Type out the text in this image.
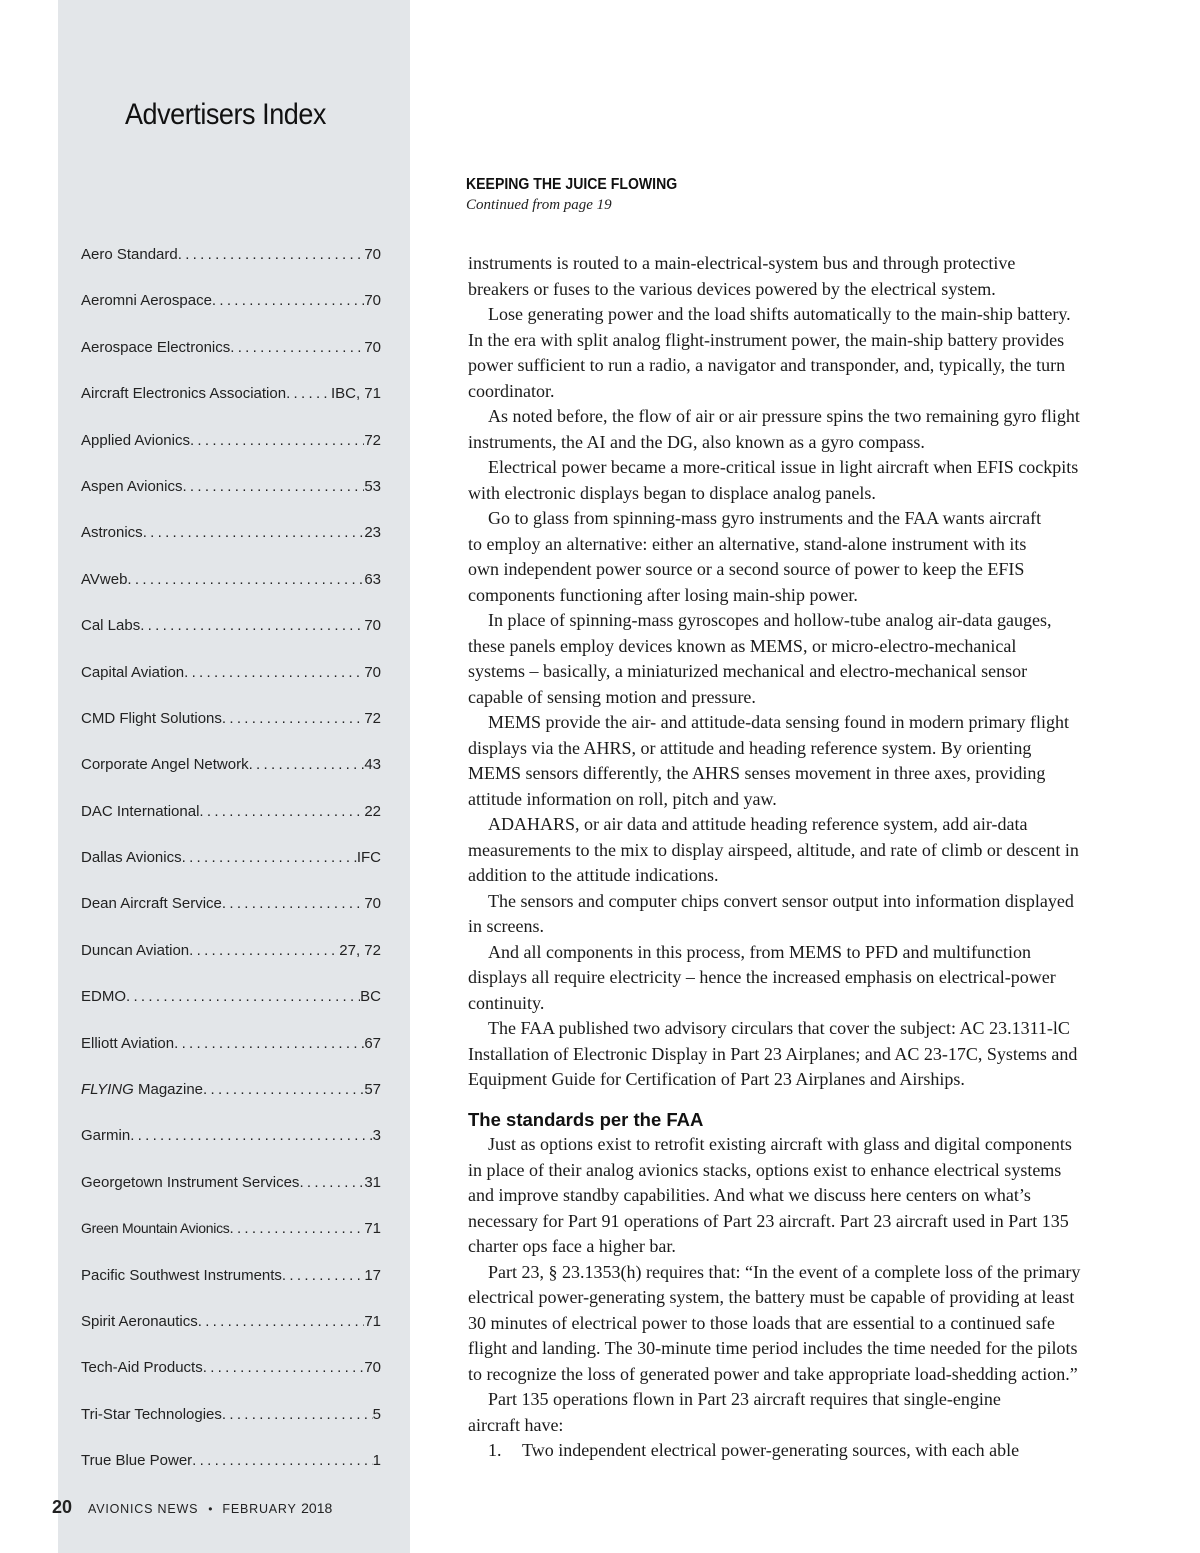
Advertisers Index
Aero Standard .....	70
Aeromni Aerospace .....	70
Aerospace Electronics .....	70
Aircraft Electronics Association .....	IBC, 71
Applied Avionics .....	72
Aspen Avionics .....	53
Astronics .....	23
AVweb .....	63
Cal Labs .....	70
Capital Aviation .....	70
CMD Flight Solutions .....	72
Corporate Angel Network .....	43
DAC International .....	22
Dallas Avionics .....	IFC
Dean Aircraft Service .....	70
Duncan Aviation .....	27, 72
EDMO .....	BC
Elliott Aviation .....	67
FLYING Magazine .....	57
Garmin .....	3
Georgetown Instrument Services .....	31
Green Mountain Avionics .....	71
Pacific Southwest Instruments .....	17
Spirit Aeronautics .....	71
Tech-Aid Products .....	70
Tri-Star Technologies .....	5
True Blue Power .....	1
20 AVIONICS NEWS • FEBRUARY 2018
KEEPING THE JUICE FLOWING
Continued from page 19
instruments is routed to a main-electrical-system bus and through protective
breakers or fuses to the various devices powered by the electrical system.
Lose generating power and the load shifts automatically to the main-ship battery.
In the era with split analog flight-instrument power, the main-ship battery provides
power sufficient to run a radio, a navigator and transponder, and, typically, the turn
coordinator.
As noted before, the flow of air or air pressure spins the two remaining gyro flight
instruments, the AI and the DG, also known as a gyro compass.
Electrical power became a more-critical issue in light aircraft when EFIS cockpits
with electronic displays began to displace analog panels.
Go to glass from spinning-mass gyro instruments and the FAA wants aircraft
to employ an alternative: either an alternative, stand-alone instrument with its
own independent power source or a second source of power to keep the EFIS
components functioning after losing main-ship power.
In place of spinning-mass gyroscopes and hollow-tube analog air-data gauges,
these panels employ devices known as MEMS, or micro-electro-mechanical
systems – basically, a miniaturized mechanical and electro-mechanical sensor
capable of sensing motion and pressure.
MEMS provide the air- and attitude-data sensing found in modern primary flight
displays via the AHRS, or attitude and heading reference system. By orienting
MEMS sensors differently, the AHRS senses movement in three axes, providing
attitude information on roll, pitch and yaw.
ADAHARS, or air data and attitude heading reference system, add air-data
measurements to the mix to display airspeed, altitude, and rate of climb or descent in
addition to the attitude indications.
The sensors and computer chips convert sensor output into information displayed
in screens.
And all components in this process, from MEMS to PFD and multifunction
displays all require electricity – hence the increased emphasis on electrical-power
continuity.
The FAA published two advisory circulars that cover the subject: AC 23.1311-lC
Installation of Electronic Display in Part 23 Airplanes; and AC 23-17C, Systems and
Equipment Guide for Certification of Part 23 Airplanes and Airships.
The standards per the FAA
Just as options exist to retrofit existing aircraft with glass and digital components
in place of their analog avionics stacks, options exist to enhance electrical systems
and improve standby capabilities. And what we discuss here centers on what’s
necessary for Part 91 operations of Part 23 aircraft. Part 23 aircraft used in Part 135
charter ops face a higher bar.
Part 23, § 23.1353(h) requires that: “In the event of a complete loss of the primary
electrical power-generating system, the battery must be capable of providing at least
30 minutes of electrical power to those loads that are essential to a continued safe
flight and landing. The 30-minute time period includes the time needed for the pilots
to recognize the loss of generated power and take appropriate load-shedding action.”
Part 135 operations flown in Part 23 aircraft requires that single-engine
aircraft have:
1. Two independent electrical power-generating sources, with each able
